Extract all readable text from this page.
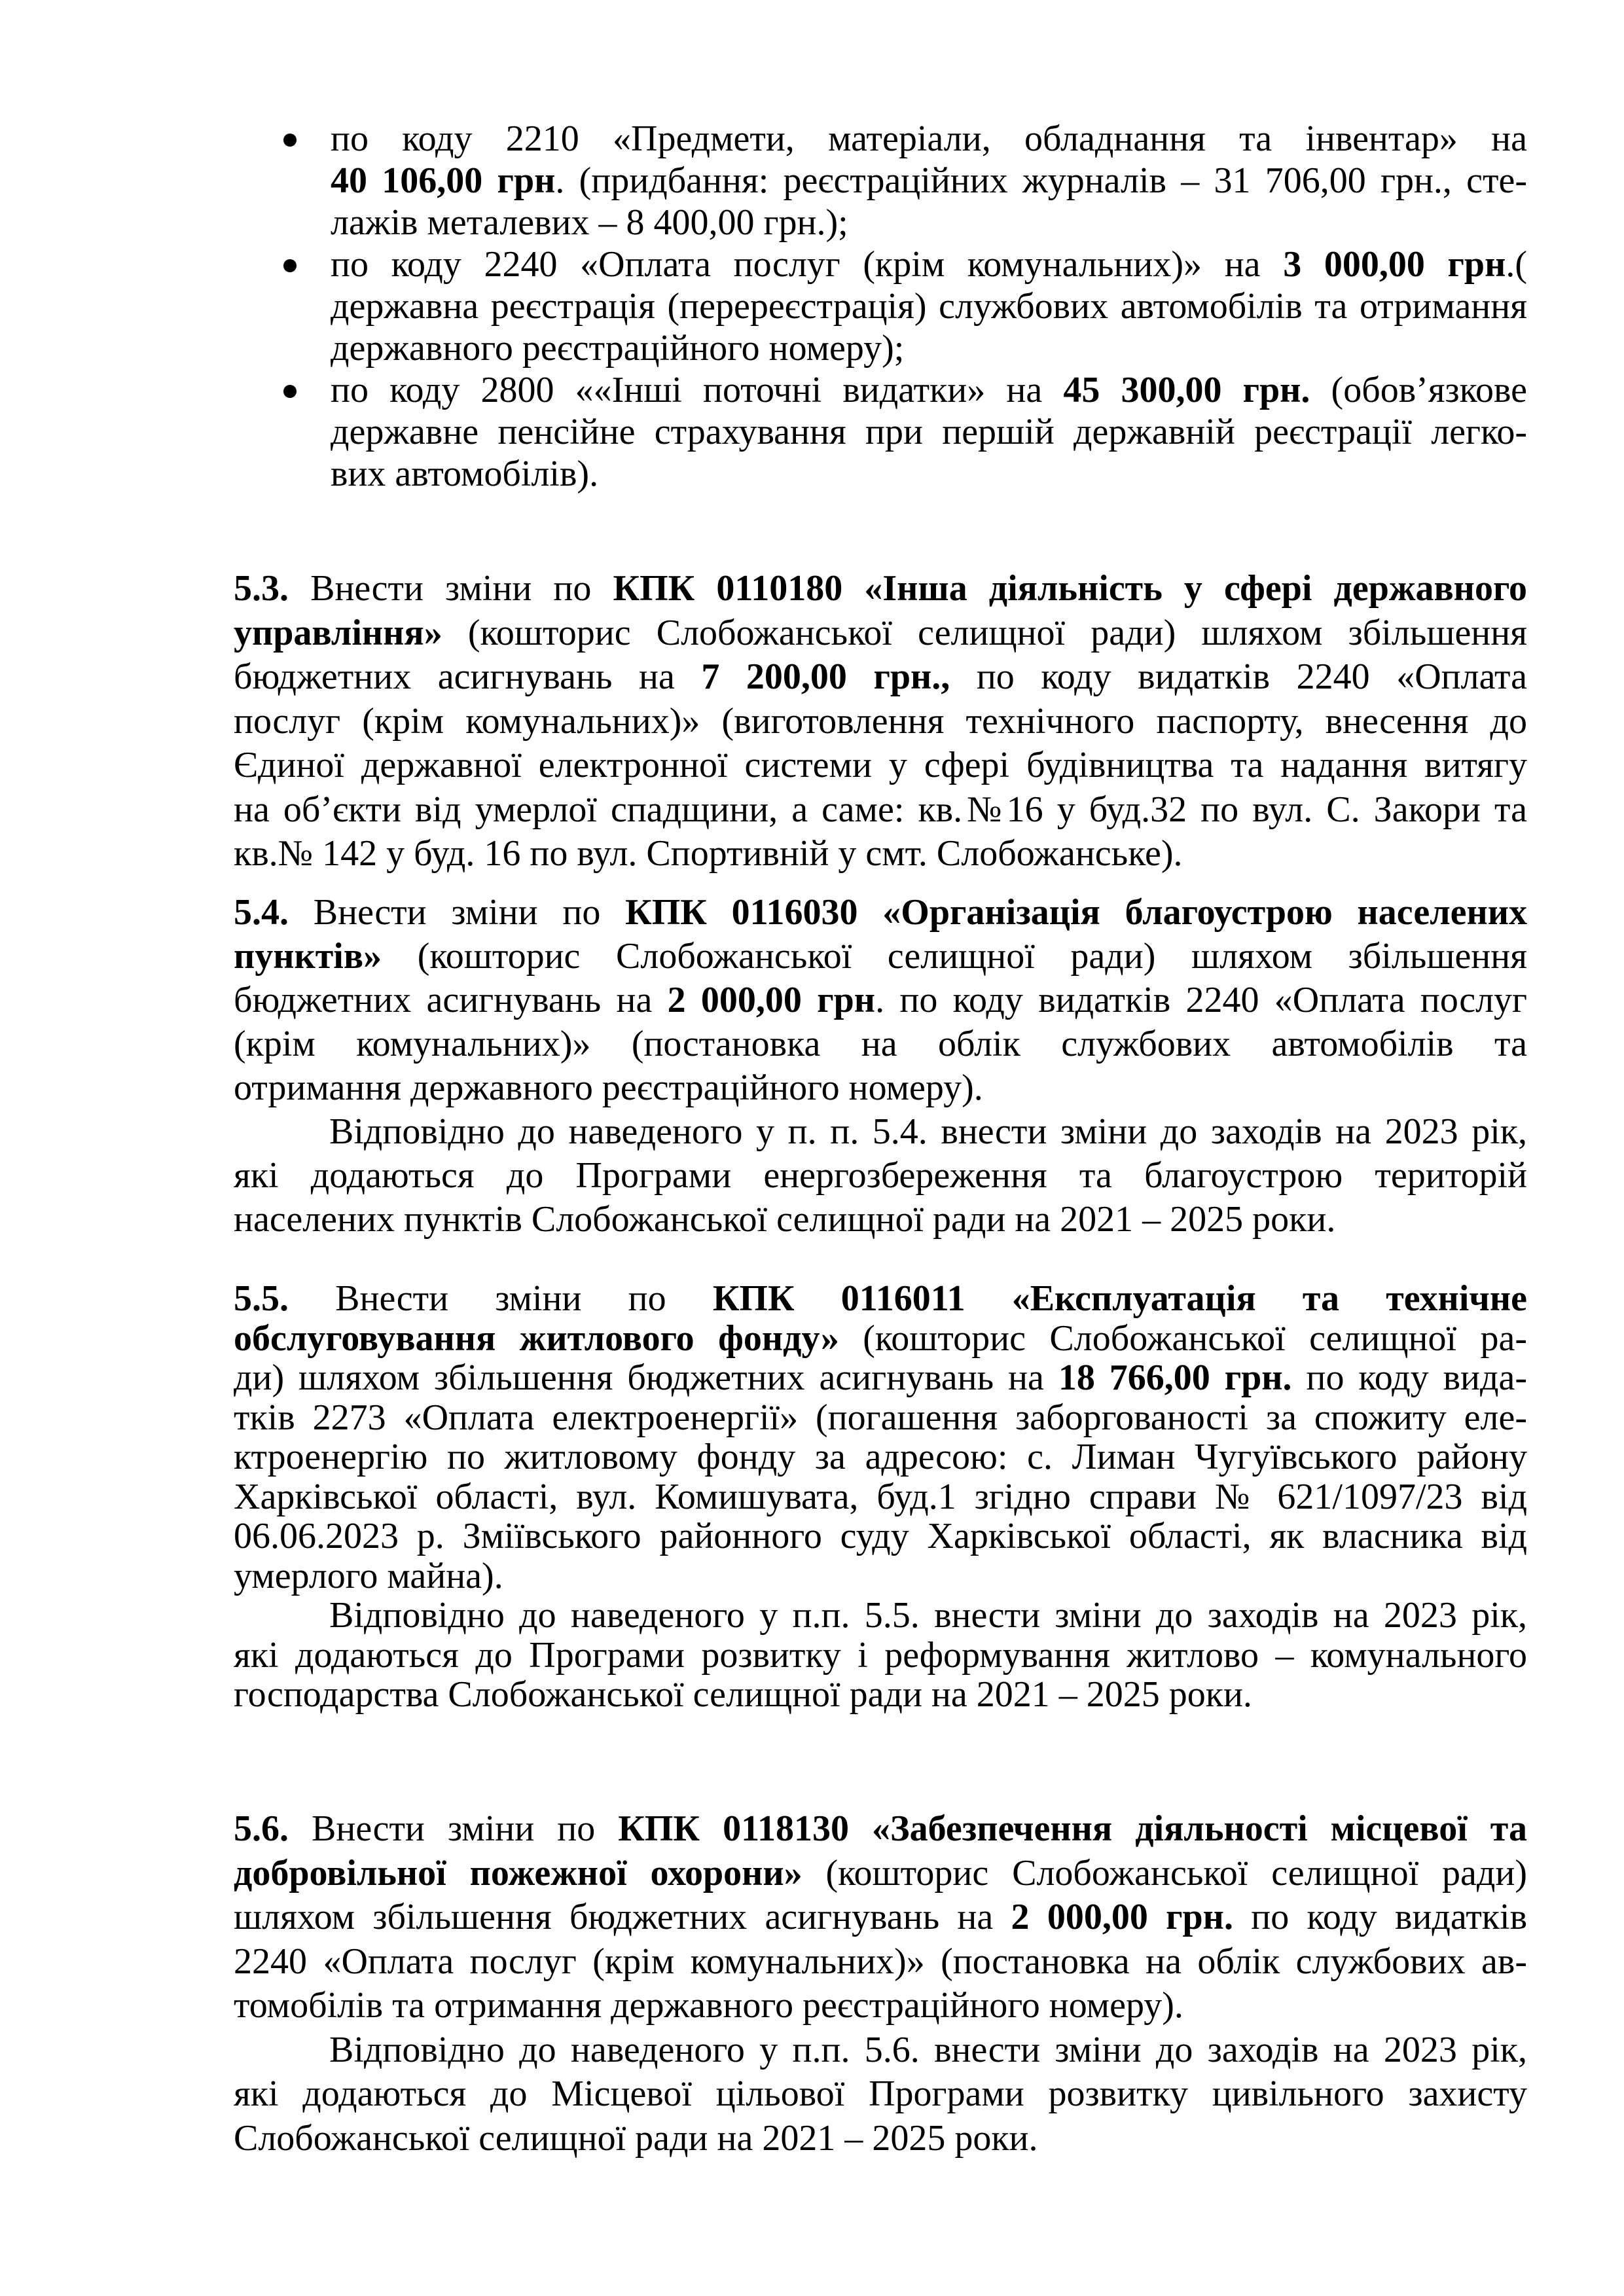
по коду 2210 «Предмети, матеріали, обладнання та інвентар» на
40 106,00 грн. (придбання: реєстраційних журналів – 31 706,00 грн., сте-
лажів металевих – 8 400,00 грн.);
по коду 2240 «Оплата послуг (крім комунальних)» на 3 000,00 грн.(
державна реєстрація (перереєстрація) службових автомобілів та отримання
державного реєстраційного номеру);
по коду 2800 ««Інші поточні видатки» на 45 300,00 грн. (обов’язкове
державне пенсійне страхування при першій державній реєстрації легко-
вих автомобілів).
5.3. Внести зміни по КПК 0110180 «Інша діяльність у сфері державного
управління» (кошторис Слобожанської селищної ради) шляхом збільшення
бюджетних асигнувань на 7 200,00 грн., по коду видатків 2240 «Оплата
послуг (крім комунальних)» (виготовлення технічного паспорту, внесення до
Єдиної державної електронної системи у сфері будівництва та надання витягу
на об’єкти від умерлої спадщини, а саме: кв.№16 у буд.32 по вул. С. Закори та
кв.№ 142 у буд. 16 по вул. Спортивній у смт. Слобожанське).
5.4. Внести зміни по КПК 0116030 «Організація благоустрою населених
пунктів» (кошторис Слобожанської селищної ради) шляхом збільшення
бюджетних асигнувань на 2 000,00 грн. по коду видатків 2240 «Оплата послуг
(крім комунальних)» (постановка на облік службових автомобілів та
отримання державного реєстраційного номеру).
Відповідно до наведеного у п. п. 5.4. внести зміни до заходів на 2023 рік,
які додаються до Програми енергозбереження та благоустрою територій
населених пунктів Слобожанської селищної ради на 2021 – 2025 роки.
5.5. Внести зміни по КПК 0116011 «Експлуатація та технічне
обслуговування житлового фонду» (кошторис Слобожанської селищної ра-
ди) шляхом збільшення бюджетних асигнувань на 18 766,00 грн. по коду вида-
тків 2273 «Оплата електроенергії» (погашення заборгованості за спожиту еле-
ктроенергію по житловому фонду за адресою: с. Лиман Чугуївського району
Харківської області, вул. Комишувата, буд.1 згідно справи № 621/1097/23 від
06.06.2023 р. Зміївського районного суду Харківської області, як власника від
умерлого майна).
Відповідно до наведеного у п.п. 5.5. внести зміни до заходів на 2023 рік,
які додаються до Програми розвитку і реформування житлово – комунального
господарства Слобожанської селищної ради на 2021 – 2025 роки.
5.6. Внести зміни по КПК 0118130 «Забезпечення діяльності місцевої та
добровільної пожежної охорони» (кошторис Слобожанської селищної ради)
шляхом збільшення бюджетних асигнувань на 2 000,00 грн. по коду видатків
2240 «Оплата послуг (крім комунальних)» (постановка на облік службових ав-
томобілів та отримання державного реєстраційного номеру).
Відповідно до наведеного у п.п. 5.6. внести зміни до заходів на 2023 рік,
які додаються до Місцевої цільової Програми розвитку цивільного захисту
Слобожанської селищної ради на 2021 – 2025 роки.
